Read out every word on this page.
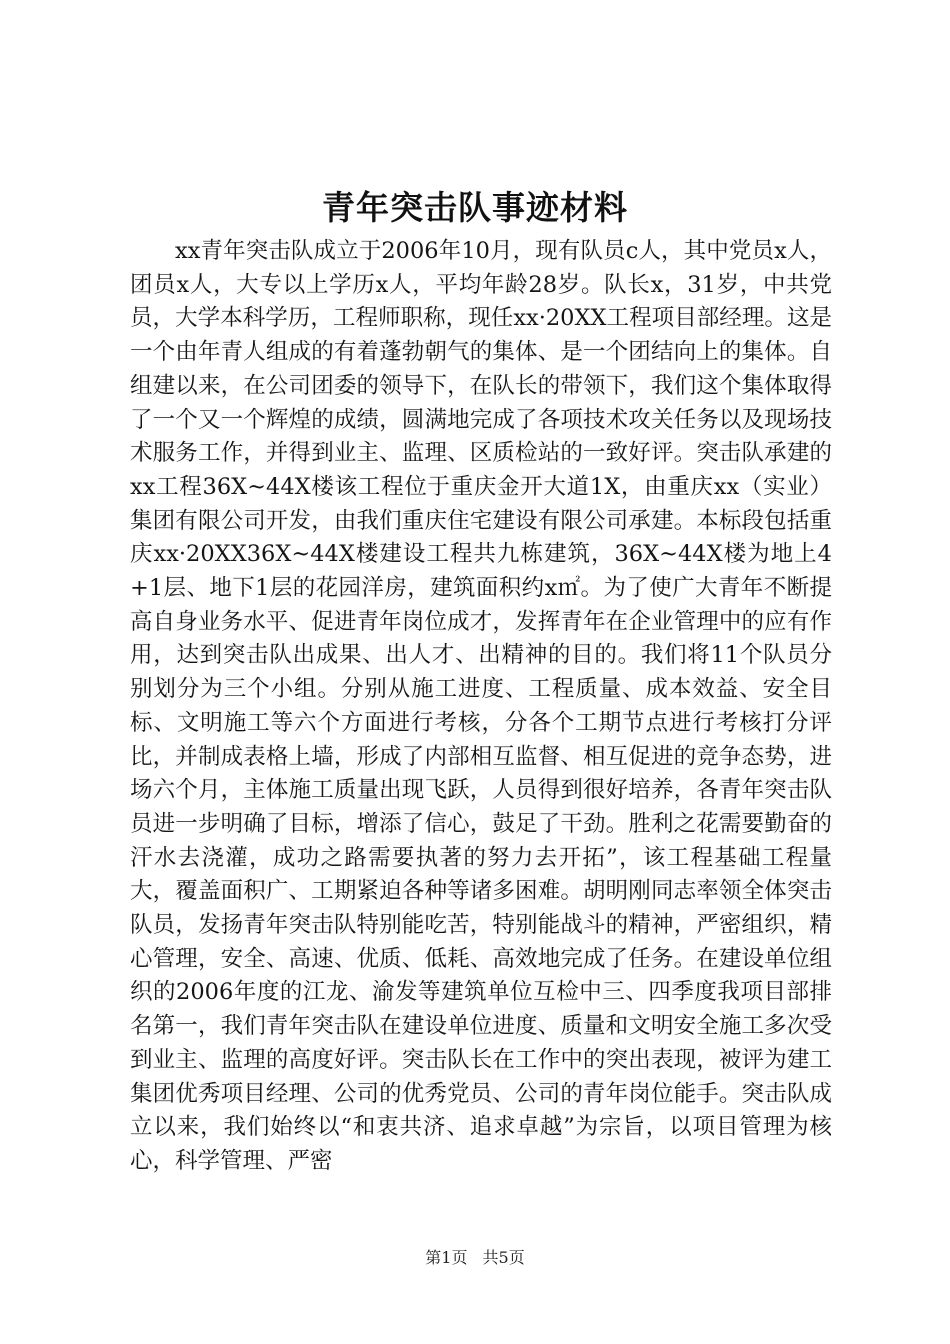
青年突击队事迹材料

xx青年突击队成立于2006年10月，现有队员c人，其中党员x人，团员x人，大专以上学历x人，平均年龄28岁。队长x，31岁，中共党员，大学本科学历，工程师职称，现任xx·20XX工程项目部经理。这是一个由年青人组成的有着蓬勃朝气的集体、是一个团结向上的集体。自组建以来，在公司团委的领导下，在队长的带领下，我们这个集体取得了一个又一个辉煌的成绩，圆满地完成了各项技术攻关任务以及现场技术服务工作，并得到业主、监理、区质检站的一致好评。突击队承建的xx工程36X~44X楼该工程位于重庆金开大道1X，由重庆xx（实业）集团有限公司开发，由我们重庆住宅建设有限公司承建。本标段包括重庆xx·20XX36X~44X楼建设工程共九栋建筑，36X~44X楼为地上4+1层、地下1层的花园洋房，建筑面积约x㎡。为了使广大青年不断提高自身业务水平、促进青年岗位成才，发挥青年在企业管理中的应有作用，达到突击队出成果、出人才、出精神的目的。我们将11个队员分别划分为三个小组。分别从施工进度、工程质量、成本效益、安全目标、文明施工等六个方面进行考核，分各个工期节点进行考核打分评比，并制成表格上墙，形成了内部相互监督、相互促进的竞争态势，进场六个月，主体施工质量出现飞跃，人员得到很好培养，各青年突击队员进一步明确了目标，增添了信心，鼓足了干劲。胜利之花需要勤奋的汗水去浇灌，成功之路需要执著的努力去开拓”，该工程基础工程量大，覆盖面积广、工期紧迫各种等诸多困难。胡明刚同志率领全体突击队员，发扬青年突击队特别能吃苦，特别能战斗的精神，严密组织，精心管理，安全、高速、优质、低耗、高效地完成了任务。在建设单位组织的2006年度的江龙、渝发等建筑单位互检中三、四季度我项目部排名第一，我们青年突击队在建设单位进度、质量和文明安全施工多次受到业主、监理的高度好评。突击队长在工作中的突出表现，被评为建工集团优秀项目经理、公司的优秀党员、公司的青年岗位能手。突击队成立以来，我们始终以“和衷共济、追求卓越”为宗旨，以项目管理为核心，科学管理、严密

第1页 共5页
